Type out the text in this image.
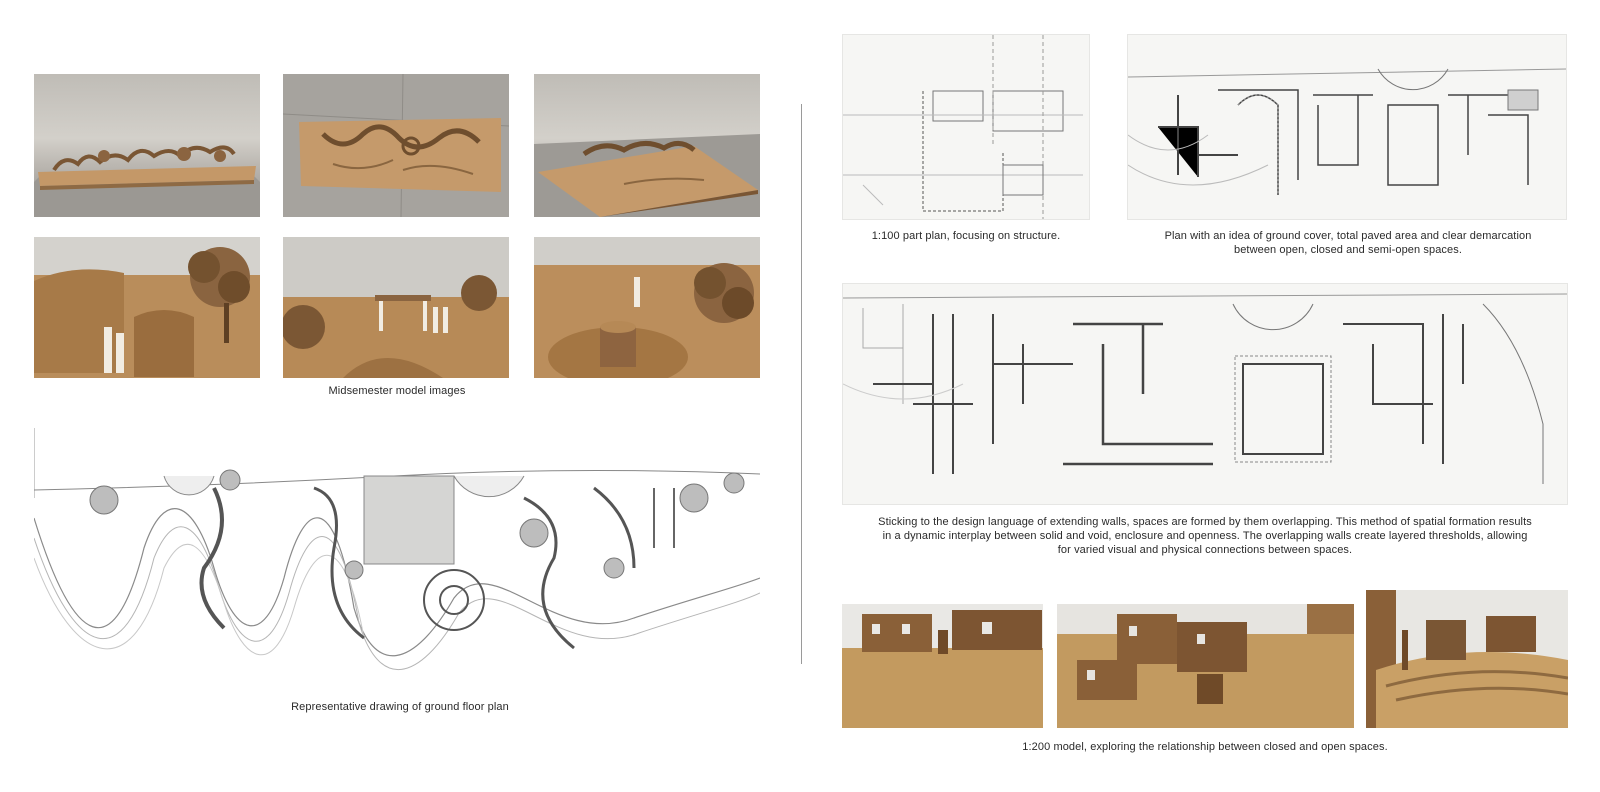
Midsemester model images
Representative drawing of ground floor plan
1:100 part plan, focusing on structure.	Plan with an idea of ground cover, total paved area and clear demarcation
between open, closed and semi-open spaces.
Sticking to the design language of extending walls, spaces are formed by them overlapping. This method of spatial formation results
in a dynamic interplay between solid and void, enclosure and openness. The overlapping walls create layered thresholds, allowing
for varied visual and physical connections between spaces.
1:200 model, exploring the relationship between closed and open spaces.
